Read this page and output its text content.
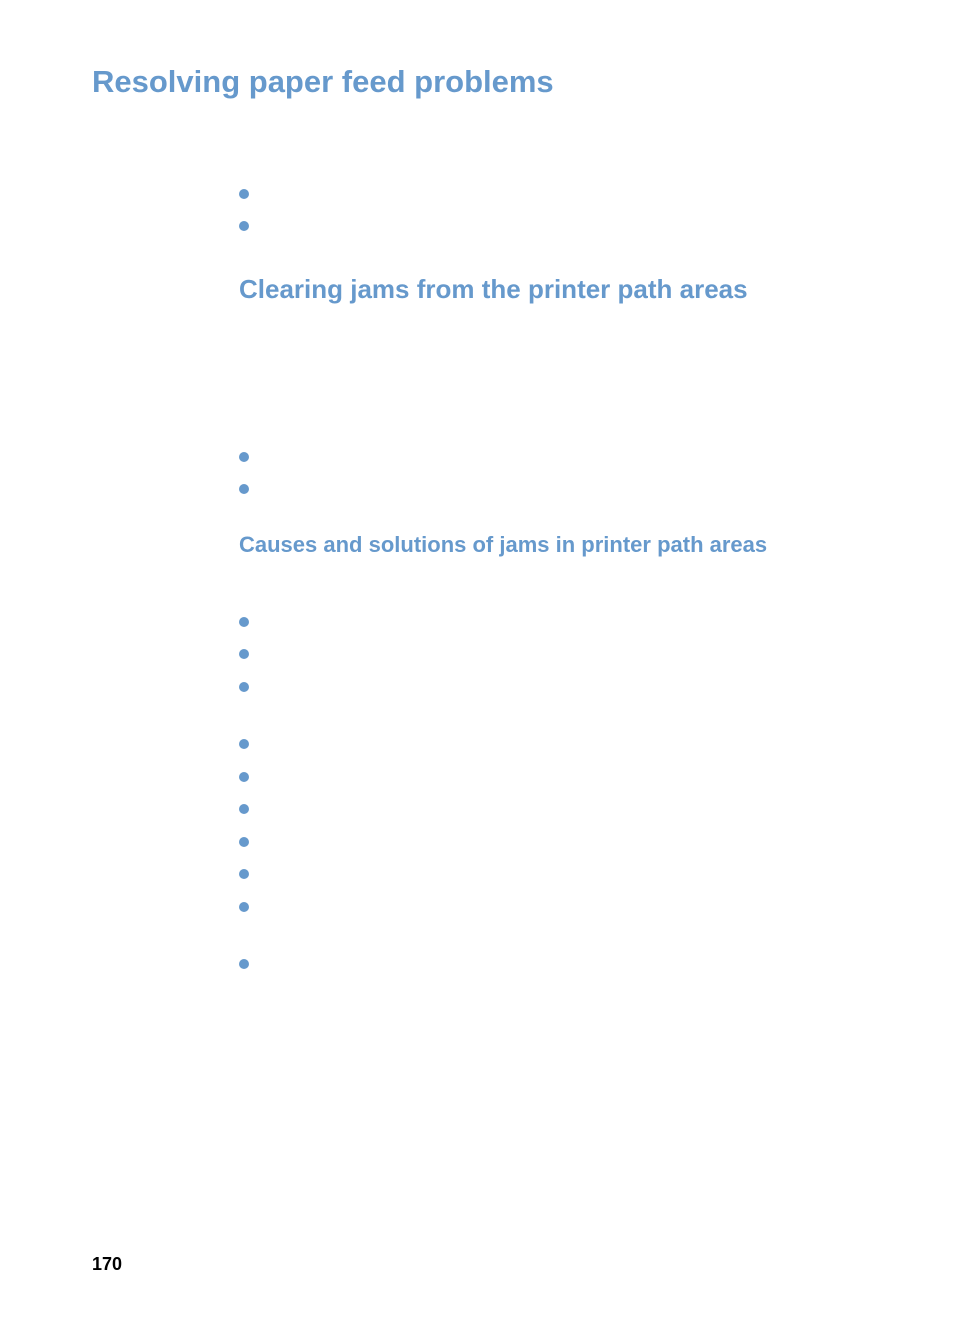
Resolving paper feed problems
Clearing jams from the printer path areas
Causes and solutions of jams in printer path areas
170
